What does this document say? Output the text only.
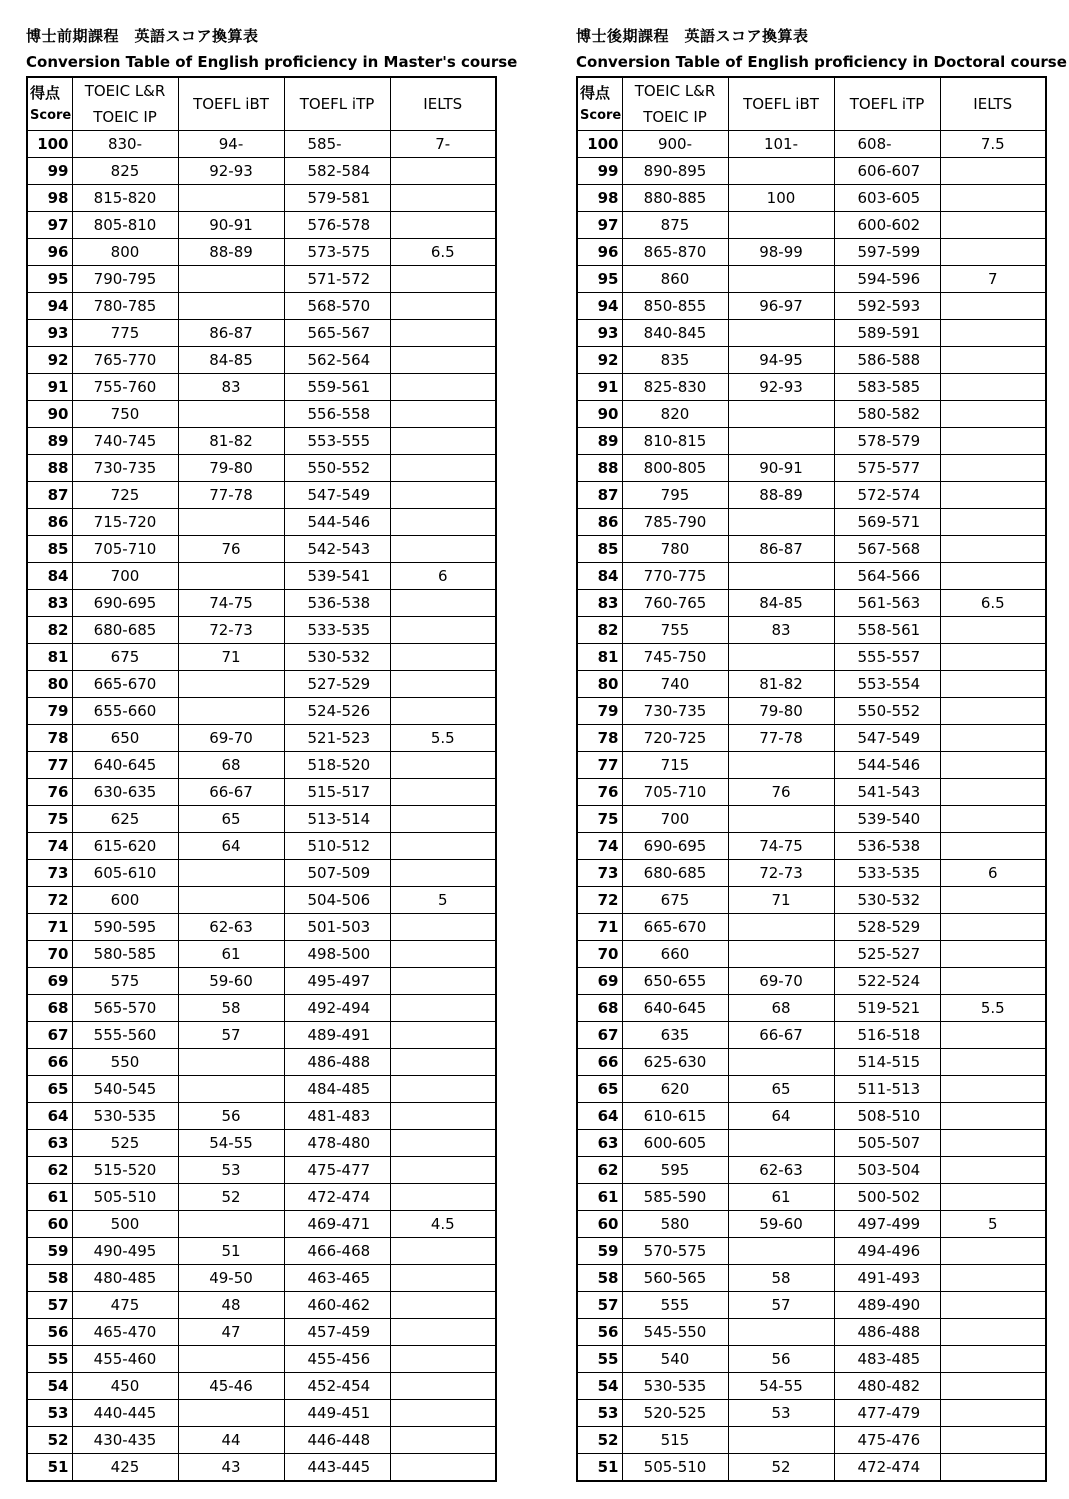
博士前期課程　英語スコア換算表
Conversion Table of English proficiency in Master's course
得点
Score	TOEIC L&R
TOEIC IP	TOEFL iBT	TOEFL iTP	IELTS
100	830-	94-	585-	7-
99	825	92-93	582-584	
98	815-820		579-581	
97	805-810	90-91	576-578	
96	800	88-89	573-575	6.5
95	790-795		571-572	
94	780-785		568-570	
93	775	86-87	565-567	
92	765-770	84-85	562-564	
91	755-760	83	559-561	
90	750		556-558	
89	740-745	81-82	553-555	
88	730-735	79-80	550-552	
87	725	77-78	547-549	
86	715-720		544-546	
85	705-710	76	542-543	
84	700		539-541	6
83	690-695	74-75	536-538	
82	680-685	72-73	533-535	
81	675	71	530-532	
80	665-670		527-529	
79	655-660		524-526	
78	650	69-70	521-523	5.5
77	640-645	68	518-520	
76	630-635	66-67	515-517	
75	625	65	513-514	
74	615-620	64	510-512	
73	605-610		507-509	
72	600		504-506	5
71	590-595	62-63	501-503	
70	580-585	61	498-500	
69	575	59-60	495-497	
68	565-570	58	492-494	
67	555-560	57	489-491	
66	550		486-488	
65	540-545		484-485	
64	530-535	56	481-483	
63	525	54-55	478-480	
62	515-520	53	475-477	
61	505-510	52	472-474	
60	500		469-471	4.5
59	490-495	51	466-468	
58	480-485	49-50	463-465	
57	475	48	460-462	
56	465-470	47	457-459	
55	455-460		455-456	
54	450	45-46	452-454	
53	440-445		449-451	
52	430-435	44	446-448	
51	425	43	443-445	
博士後期課程　英語スコア換算表
Conversion Table of English proficiency in Doctoral course
得点
Score	TOEIC L&R
TOEIC IP	TOEFL iBT	TOEFL iTP	IELTS
100	900-	101-	608-	7.5
99	890-895		606-607	
98	880-885	100	603-605	
97	875		600-602	
96	865-870	98-99	597-599	
95	860		594-596	7
94	850-855	96-97	592-593	
93	840-845		589-591	
92	835	94-95	586-588	
91	825-830	92-93	583-585	
90	820		580-582	
89	810-815		578-579	
88	800-805	90-91	575-577	
87	795	88-89	572-574	
86	785-790		569-571	
85	780	86-87	567-568	
84	770-775		564-566	
83	760-765	84-85	561-563	6.5
82	755	83	558-561	
81	745-750		555-557	
80	740	81-82	553-554	
79	730-735	79-80	550-552	
78	720-725	77-78	547-549	
77	715		544-546	
76	705-710	76	541-543	
75	700		539-540	
74	690-695	74-75	536-538	
73	680-685	72-73	533-535	6
72	675	71	530-532	
71	665-670		528-529	
70	660		525-527	
69	650-655	69-70	522-524	
68	640-645	68	519-521	5.5
67	635	66-67	516-518	
66	625-630		514-515	
65	620	65	511-513	
64	610-615	64	508-510	
63	600-605		505-507	
62	595	62-63	503-504	
61	585-590	61	500-502	
60	580	59-60	497-499	5
59	570-575		494-496	
58	560-565	58	491-493	
57	555	57	489-490	
56	545-550		486-488	
55	540	56	483-485	
54	530-535	54-55	480-482	
53	520-525	53	477-479	
52	515		475-476	
51	505-510	52	472-474	
